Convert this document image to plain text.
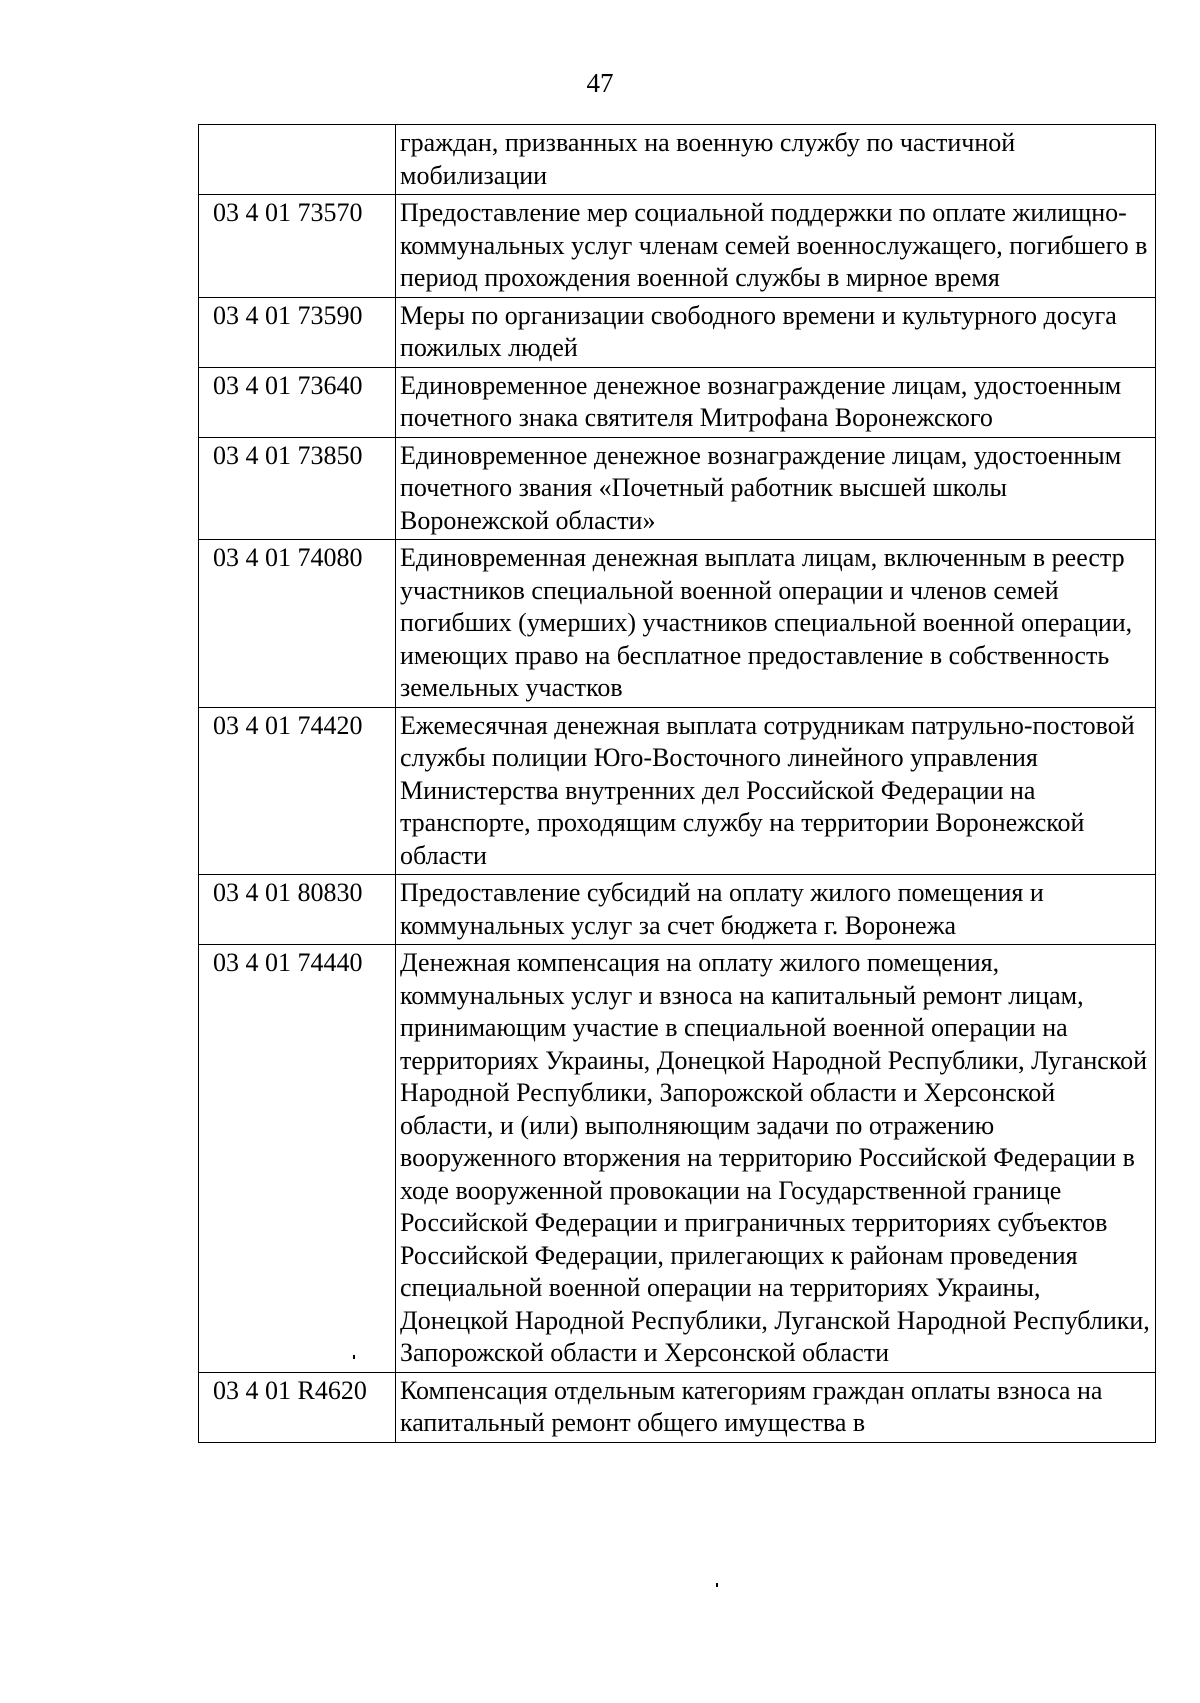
47
	граждан, призванных на военную службу по частичной мобилизации
03 4 01 73570	Предоставление мер социальной поддержки по оплате жилищно-коммунальных услуг членам семей военнослужащего, погибшего в период прохождения военной службы в мирное время
03 4 01 73590	Меры по организации свободного времени и культурного досуга пожилых людей
03 4 01 73640	Единовременное денежное вознаграждение лицам, удостоенным почетного знака святителя Митрофана Воронежского
03 4 01 73850	Единовременное денежное вознаграждение лицам, удостоенным почетного звания «Почетный работник высшей школы Воронежской области»
03 4 01 74080	Единовременная денежная выплата лицам, включенным в реестр участников специальной военной операции и членов семей погибших (умерших) участников специальной военной операции, имеющих право на бесплатное предоставление в собственность земельных участков
03 4 01 74420	Ежемесячная денежная выплата сотрудникам патрульно-постовой службы полиции Юго-Восточного линейного управления Министерства внутренних дел Российской Федерации на транспорте, проходящим службу на территории Воронежской области
03 4 01 80830	Предоставление субсидий на оплату жилого помещения и коммунальных услуг за счет бюджета г. Воронежа
03 4 01 74440	Денежная компенсация на оплату жилого помещения, коммунальных услуг и взноса на капитальный ремонт лицам, принимающим участие в специальной военной операции на территориях Украины, Донецкой Народной Республики, Луганской Народной Республики, Запорожской области и Херсонской области, и (или) выполняющим задачи по отражению вооруженного вторжения на территорию Российской Федерации в ходе вооруженной провокации на Государственной границе Российской Федерации и приграничных территориях субъектов Российской Федерации, прилегающих к районам проведения специальной военной операции на территориях Украины, Донецкой Народной Республики, Луганской Народной Республики, Запорожской области и Херсонской области
03 4 01 R4620	Компенсация отдельным категориям граждан оплаты взноса на капитальный ремонт общего имущества в
